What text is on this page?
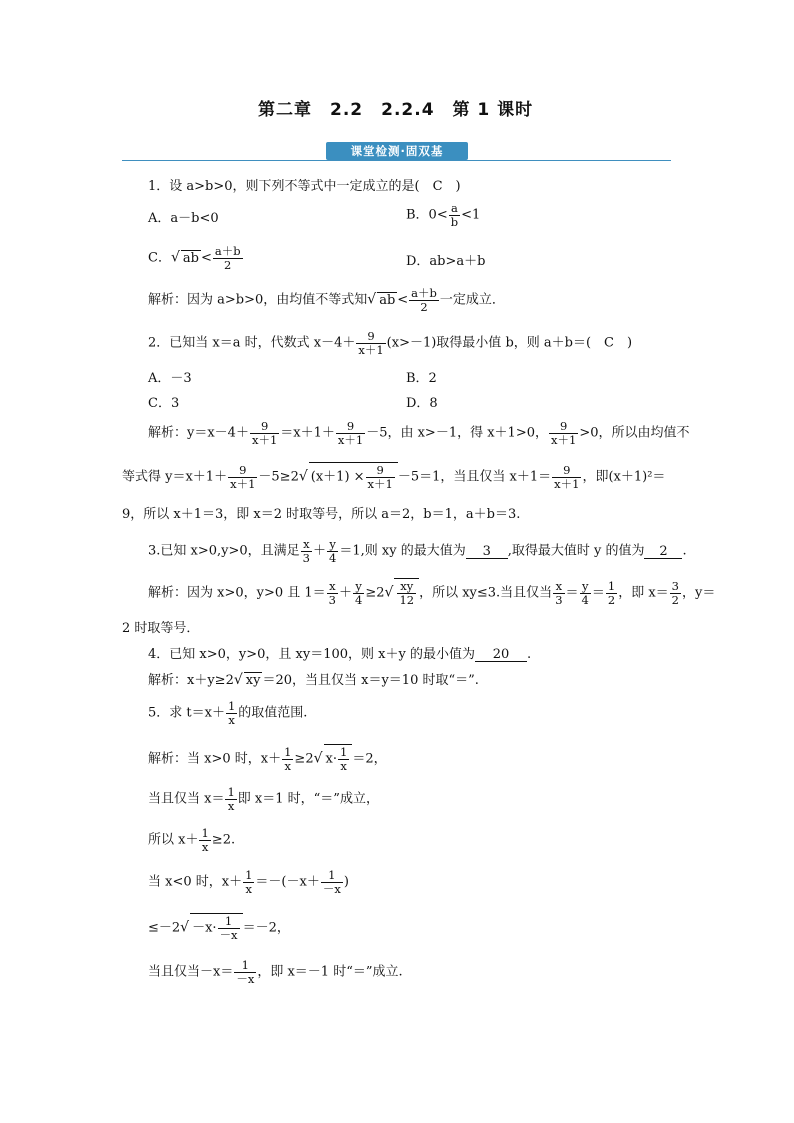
第二章　2.2　2.2.4　第 1 课时
课堂检测·固双基
1．设 a>b>0，则下列不等式中一定成立的是(　C　)
A．a－b<0	B．$0< \frac{a}{b} <1$
C．√ ab < $\frac{a+b}{2}$	D．ab>a＋b
解析：因为 a>b>0，由均值不等式知√ ab < $\frac{a+b}{2}$ 一定成立．
2．已知当 x＝a 时，代数式 $x-4+ \frac{9}{x+1} (x>-1)$取得最小值 b，则 a＋b＝(　C　)
A．－3	B．2
C．3	D．8
解析：$y=x-4+ \frac{9}{x+1} =x+1+ \frac{9}{x+1} -5$，由 x>－1，得 x＋1>0， $\frac{9}{x+1} >0$，所以由均值不
等式得 $y=x+1+ \frac{9}{x+1} -5\ge 2√$ $(x+1) \times \frac{9}{x+1} -5=1$，当且仅当 $x+1= \frac{9}{x+1}$ ，即(x＋1)²＝
9，所以 x＋1＝3，即 x＝2 时取等号，所以 a＝2，b＝1，a＋b＝3.
3.已知 x>0,y>0，且满足 $\frac{x}{3} + \frac{y}{4} =1$,则 xy 的最大值为 3 ,取得最大值时 y 的值为 2 .
解析：因为 x>0，y>0 且 $1= \frac{x}{3} + \frac{y}{4} \ge 2√ \frac{xy}{12}$ ，所以 xy≤3.当且仅当 $\frac{x}{3} = \frac{y}{4} = \frac{1}{2}$ ，即 $x= \frac{3}{2}$ ，y＝
2 时取等号．
4．已知 x>0，y>0，且 xy＝100，则 x＋y 的最小值为 20 .
解析：x＋y≥2√ xy ＝20，当且仅当 x＝y＝10 时取“＝”.
5．求 $t=x+ \frac{1}{x}$ 的取值范围.
解析：当 x>0 时，$x+ \frac{1}{x} \ge 2√$ $x\cdot \frac{1}{x} =2$，
当且仅当 $x= \frac{1}{x}$ 即 x＝1 时，“＝”成立，
所以 $x+ \frac{1}{x} \ge 2$.
当 x<0 时，$x+ \frac{1}{x} =-(-x+ \frac{1}{-x}$ )
$\le-2√ -x\cdot \frac{1}{-x} =-2$，
当且仅当$-x= \frac{1}{-x}$ ，即 x＝－1 时“＝”成立.
